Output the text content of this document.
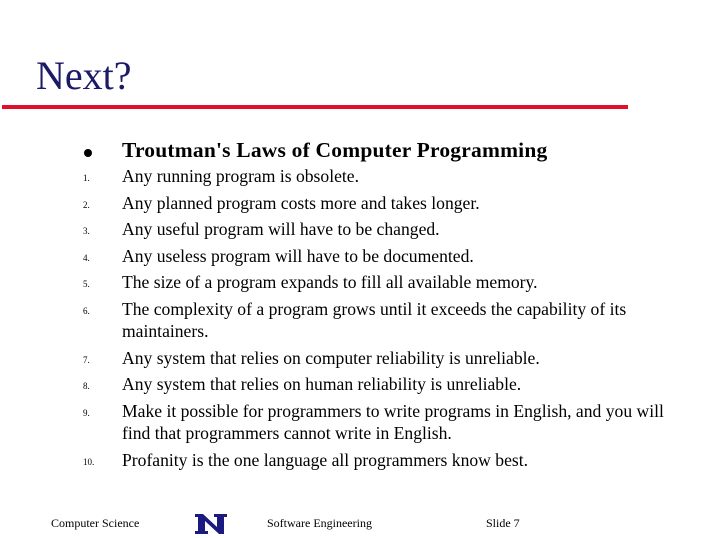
Next?
Troutman's Laws of Computer Programming
1.	Any running program is obsolete.
2.	Any planned program costs more and takes longer.
3.	Any useful program will have to be changed.
4.	Any useless program will have to be documented.
5.	The size of a program expands to fill all available memory.
6.	The complexity of a program grows until it exceeds the capability of its maintainers.
7.	Any system that relies on computer reliability is unreliable.
8.	Any system that relies on human reliability is unreliable.
9.	Make it possible for programmers to write programs in English, and you will find that programmers cannot write in English.
10.	Profanity is the one language all programmers know best.
Computer Science	N	Software Engineering	Slide 7
